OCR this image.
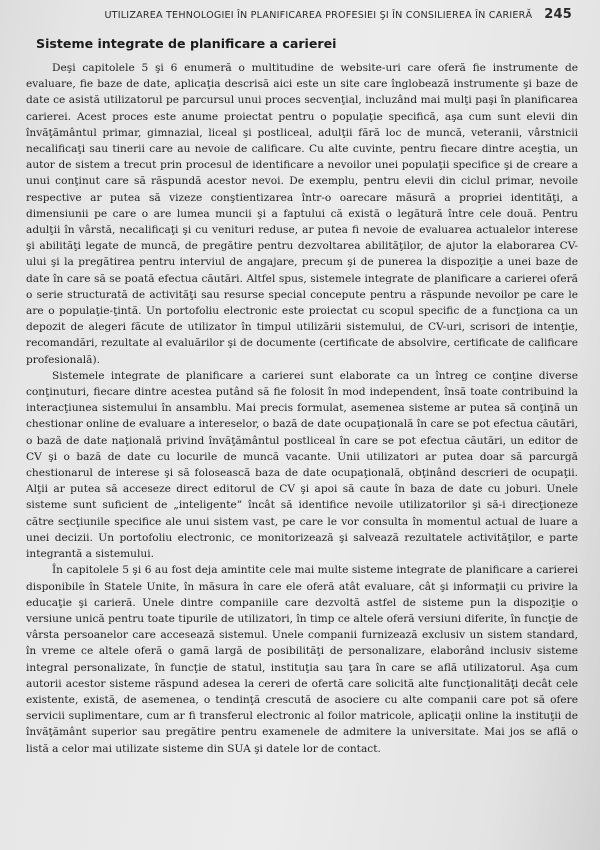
UTILIZAREA TEHNOLOGIEI ÎN PLANIFICAREA PROFESIEI ŞI ÎN CONSILIEREA ÎN CARIERĂ 245
Sisteme integrate de planificare a carierei

Deşi capitolele 5 şi 6 enumeră o multitudine de website-uri care oferă fie instrumente de evaluare, fie baze de date, aplicaţia descrisă aici este un site care înglobează instrumente şi baze de date ce asistă utilizatorul pe parcursul unui proces secvenţial, incluzând mai mulţi paşi în planificarea carierei. Acest proces este anume proiectat pentru o populaţie specifică, aşa cum sunt elevii din învăţământul primar, gimnazial, liceal şi postliceal, adulţii fără loc de muncă, veteranii, vârstnicii necalificaţi sau tinerii care au nevoie de calificare. Cu alte cuvinte, pentru fiecare dintre aceştia, un autor de sistem a trecut prin procesul de identificare a nevoilor unei populaţii specifice şi de creare a unui conţinut care să răspundă acestor nevoi. De exemplu, pentru elevii din ciclul primar, nevoile respective ar putea să vizeze conştientizarea într-o oarecare măsură a propriei identităţi, a dimensiunii pe care o are lumea muncii şi a faptului că există o legătură între cele două. Pentru adulţii în vârstă, necalificaţi şi cu venituri reduse, ar putea fi nevoie de evaluarea actualelor interese şi abilităţi legate de muncă, de pregătire pentru dezvoltarea abilităţilor, de ajutor la elaborarea CV-ului şi la pregătirea pentru interviul de angajare, precum şi de punerea la dispoziţie a unei baze de date în care să se poată efectua căutări. Altfel spus, sistemele integrate de planificare a carierei oferă o serie structurată de activităţi sau resurse special concepute pentru a răspunde nevoilor pe care le are o populaţie-ţintă. Un portofoliu electronic este proiectat cu scopul specific de a funcţiona ca un depozit de alegeri făcute de utilizator în timpul utilizării sistemului, de CV-uri, scrisori de intenţie, recomandări, rezultate al evaluărilor şi de documente (certificate de absolvire, certificate de calificare profesională).

Sistemele integrate de planificare a carierei sunt elaborate ca un întreg ce conţine diverse conţinuturi, fiecare dintre acestea putând să fie folosit în mod independent, însă toate contribuind la interacţiunea sistemului în ansamblu. Mai precis formulat, asemenea sisteme ar putea să conţină un chestionar online de evaluare a intereselor, o bază de date ocupaţională în care se pot efectua căutări, o bază de date naţională privind învăţământul postliceal în care se pot efectua căutări, un editor de CV şi o bază de date cu locurile de muncă vacante. Unii utilizatori ar putea doar să parcurgă chestionarul de interese şi să folosească baza de date ocupaţională, obţinând descrieri de ocupaţii. Alţii ar putea să acceseze direct editorul de CV şi apoi să caute în baza de date cu joburi. Unele sisteme sunt suficient de „inteligente” încât să identifice nevoile utilizatorilor şi să-i direcţioneze către secţiunile specifice ale unui sistem vast, pe care le vor consulta în momentul actual de luare a unei decizii. Un portofoliu electronic, ce monitorizează şi salvează rezultatele activităţilor, e parte integrantă a sistemului.

În capitolele 5 şi 6 au fost deja amintite cele mai multe sisteme integrate de planificare a carierei disponibile în Statele Unite, în măsura în care ele oferă atât evaluare, cât şi informaţii cu privire la educaţie şi carieră. Unele dintre companiile care dezvoltă astfel de sisteme pun la dispoziţie o versiune unică pentru toate tipurile de utilizatori, în timp ce altele oferă versiuni diferite, în funcţie de vârsta persoanelor care accesează sistemul. Unele companii furnizează exclusiv un sistem standard, în vreme ce altele oferă o gamă largă de posibilităţi de personalizare, elaborând inclusiv sisteme integral personalizate, în funcţie de statul, instituţia sau ţara în care se află utilizatorul. Aşa cum autorii acestor sisteme răspund adesea la cereri de ofertă care solicită alte funcţionalităţi decât cele existente, există, de asemenea, o tendinţă crescută de asociere cu alte companii care pot să ofere servicii suplimentare, cum ar fi transferul electronic al foilor matricole, aplicaţii online la instituţii de învăţământ superior sau pregătire pentru examenele de admitere la universitate. Mai jos se află o listă a celor mai utilizate sisteme din SUA şi datele lor de contact.
